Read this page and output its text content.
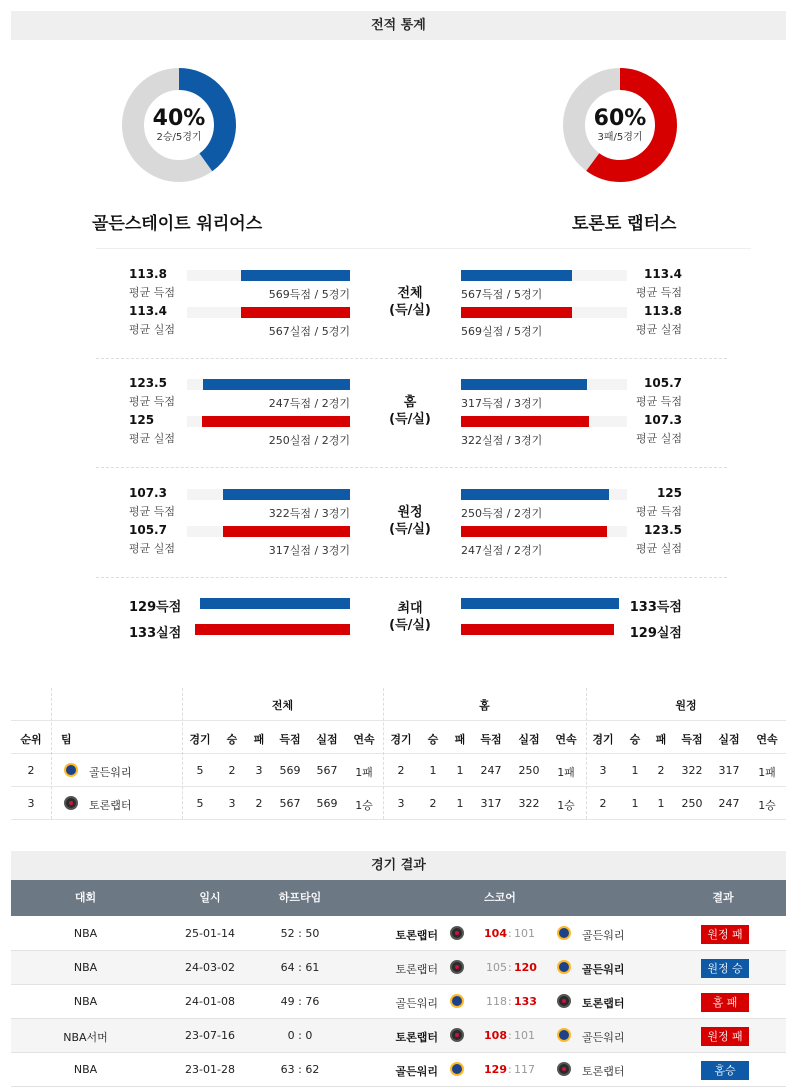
전적 통계
40%
2승/5경기
60%
3패/5경기
골든스테이트 워리어스	토론토 랩터스
113.8
평균 득점	569득점 / 5경기
113.4
평균 실점	567실점 / 5경기
113.4
평균 득점
567득점 / 5경기
113.8
평균 실점
569실점 / 5경기
전체
(득/실)
123.5
평균 득점	247득점 / 2경기
125
평균 실점	250실점 / 2경기
105.7
평균 득점
317득점 / 3경기
107.3
평균 실점
322실점 / 3경기
홈
(득/실)
107.3
평균 득점	322득점 / 3경기
105.7
평균 실점	317실점 / 3경기
125
평균 득점
250득점 / 2경기
123.5
평균 실점
247실점 / 2경기
원정
(득/실)
129득점
133실점
133득점
129실점
최대
(득/실)
전체	홈	원정
순위	팀	경기	승	패	득점	실점	연속	경기	승	패	득점	실점	연속	경기	승	패	득점	실점	연속
2	골든워리	5	2	3	569	567	1패	2	1	1	247	250	1패	3	1	2	322	317	1패
3	토론랩터	5	3	2	567	569	1승	3	2	1	317	322	1승	2	1	1	250	247	1승
경기 결과
대회	일시	하프타임	스코어	결과
NBA	25-01-14	52 : 50	토론랩터	104 : 101	골든워리	원정 패
NBA	24-03-02	64 : 61	토론랩터	105 : 120	골든워리	원정 승
NBA	24-01-08	49 : 76	골든워리	118 : 133	토론랩터	홈 패
NBA서머	23-07-16	0 : 0	토론랩터	108 : 101	골든워리	원정 패
NBA	23-01-28	63 : 62	골든워리	129 : 117	토론랩터	홈승
